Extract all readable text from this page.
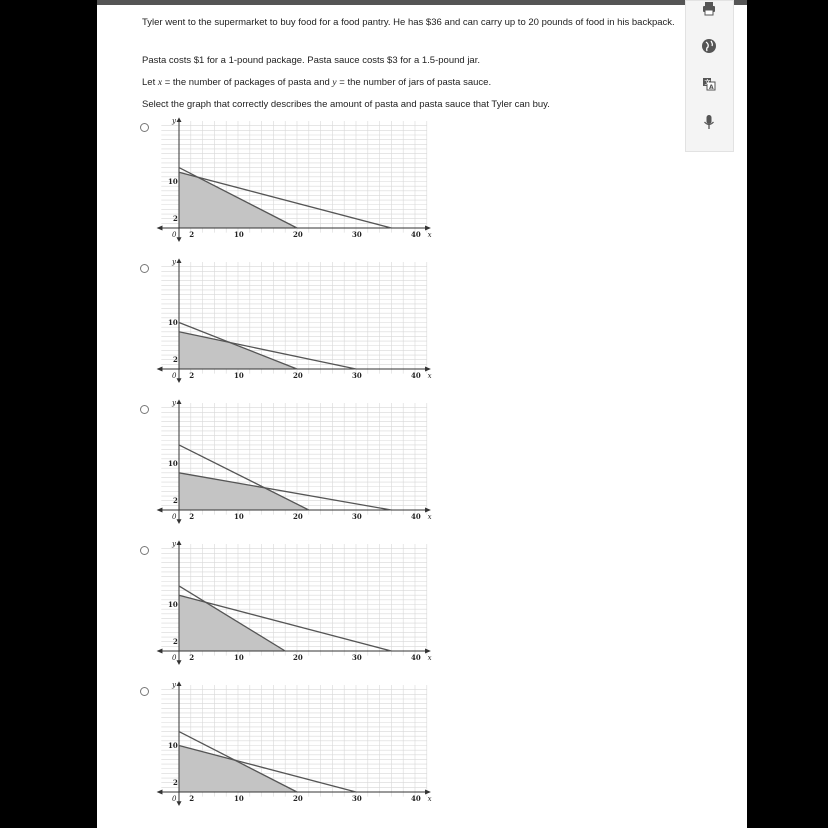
Tyler went to the supermarket to buy food for a food pantry. He has $36 and can carry up to 20 pounds of food in his backpack.

Pasta costs $1 for a 1-pound package. Pasta sauce costs $3 for a 1.5-pound jar.

Let x = the number of packages of pasta and y = the number of jars of pasta sauce.

Select the graph that correctly describes the amount of pasta and pasta sauce that Tyler can buy.

文
A
2	10	20	30	40
2
10
0	x
y
2	10	20	30	40
2
10
0	x
y
2	10	20	30	40
2
10
0	x
y
2	10	20	30	40
2
10
0	x
y
2	10	20	30	40
2
10
0	x
y
